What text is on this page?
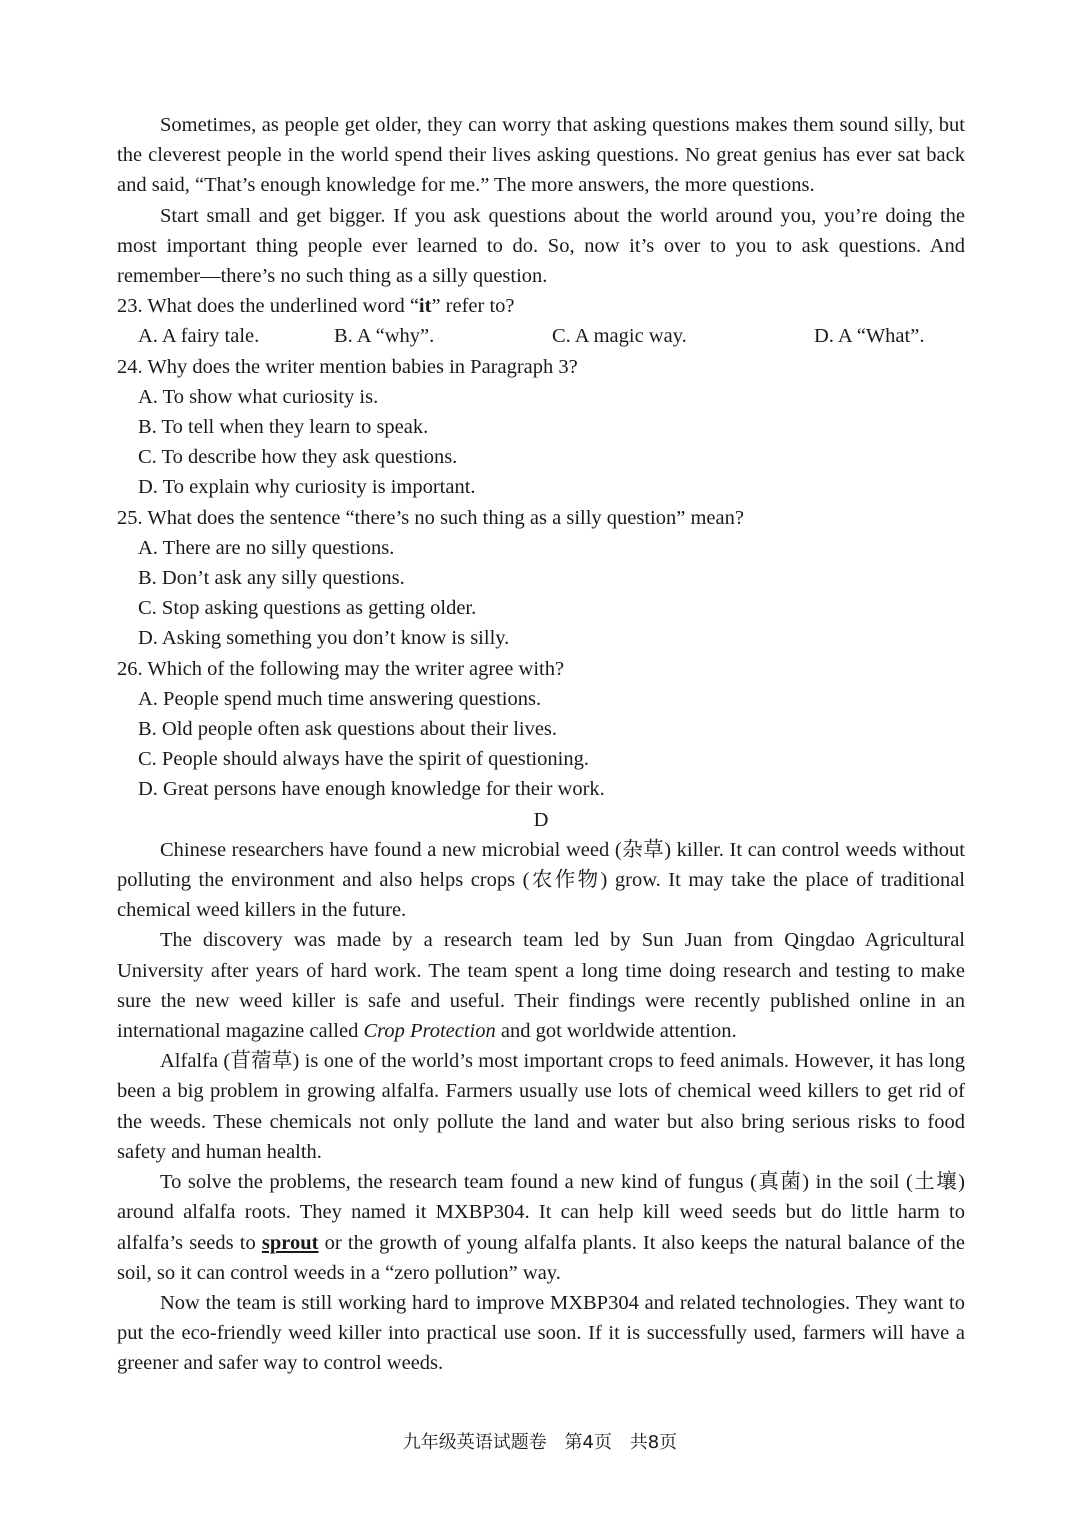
Sometimes, as people get older, they can worry that asking questions makes them sound silly, but the cleverest people in the world spend their lives asking questions. No great genius has ever sat back and said, “That’s enough knowledge for me.” The more answers, the more questions.

Start small and get bigger. If you ask questions about the world around you, you’re doing the most important thing people ever learned to do. So, now it’s over to you to ask questions. And remember—there’s no such thing as a silly question.

23. What does the underlined word “it” refer to?

A. A fairy tale.	B. A “why”.	C. A magic way.	D. A “What”.

24. Why does the writer mention babies in Paragraph 3?

A. To show what curiosity is.

B. To tell when they learn to speak.

C. To describe how they ask questions.

D. To explain why curiosity is important.

25. What does the sentence “there’s no such thing as a silly question” mean?

A. There are no silly questions.

B. Don’t ask any silly questions.

C. Stop asking questions as getting older.

D. Asking something you don’t know is silly.

26. Which of the following may the writer agree with?

A. People spend much time answering questions.

B. Old people often ask questions about their lives.

C. People should always have the spirit of questioning.

D. Great persons have enough knowledge for their work.

D

Chinese researchers have found a new microbial weed (杂草) killer. It can control weeds without polluting the environment and also helps crops (农作物) grow. It may take the place of traditional chemical weed killers in the future.

The discovery was made by a research team led by Sun Juan from Qingdao Agricultural University after years of hard work. The team spent a long time doing research and testing to make sure the new weed killer is safe and useful. Their findings were recently published online in an international magazine called Crop Protection and got worldwide attention.

Alfalfa (苜蓿草) is one of the world’s most important crops to feed animals. However, it has long been a big problem in growing alfalfa. Farmers usually use lots of chemical weed killers to get rid of the weeds. These chemicals not only pollute the land and water but also bring serious risks to food safety and human health.

To solve the problems, the research team found a new kind of fungus (真菌) in the soil (土壤) around alfalfa roots. They named it MXBP304. It can help kill weed seeds but do little harm to alfalfa’s seeds to sprout or the growth of young alfalfa plants. It also keeps the natural balance of the soil, so it can control weeds in a “zero pollution” way.

Now the team is still working hard to improve MXBP304 and related technologies. They want to put the eco-friendly weed killer into practical use soon. If it is successfully used, farmers will have a greener and safer way to control weeds.

九年级英语试题卷 第4页 共8页
